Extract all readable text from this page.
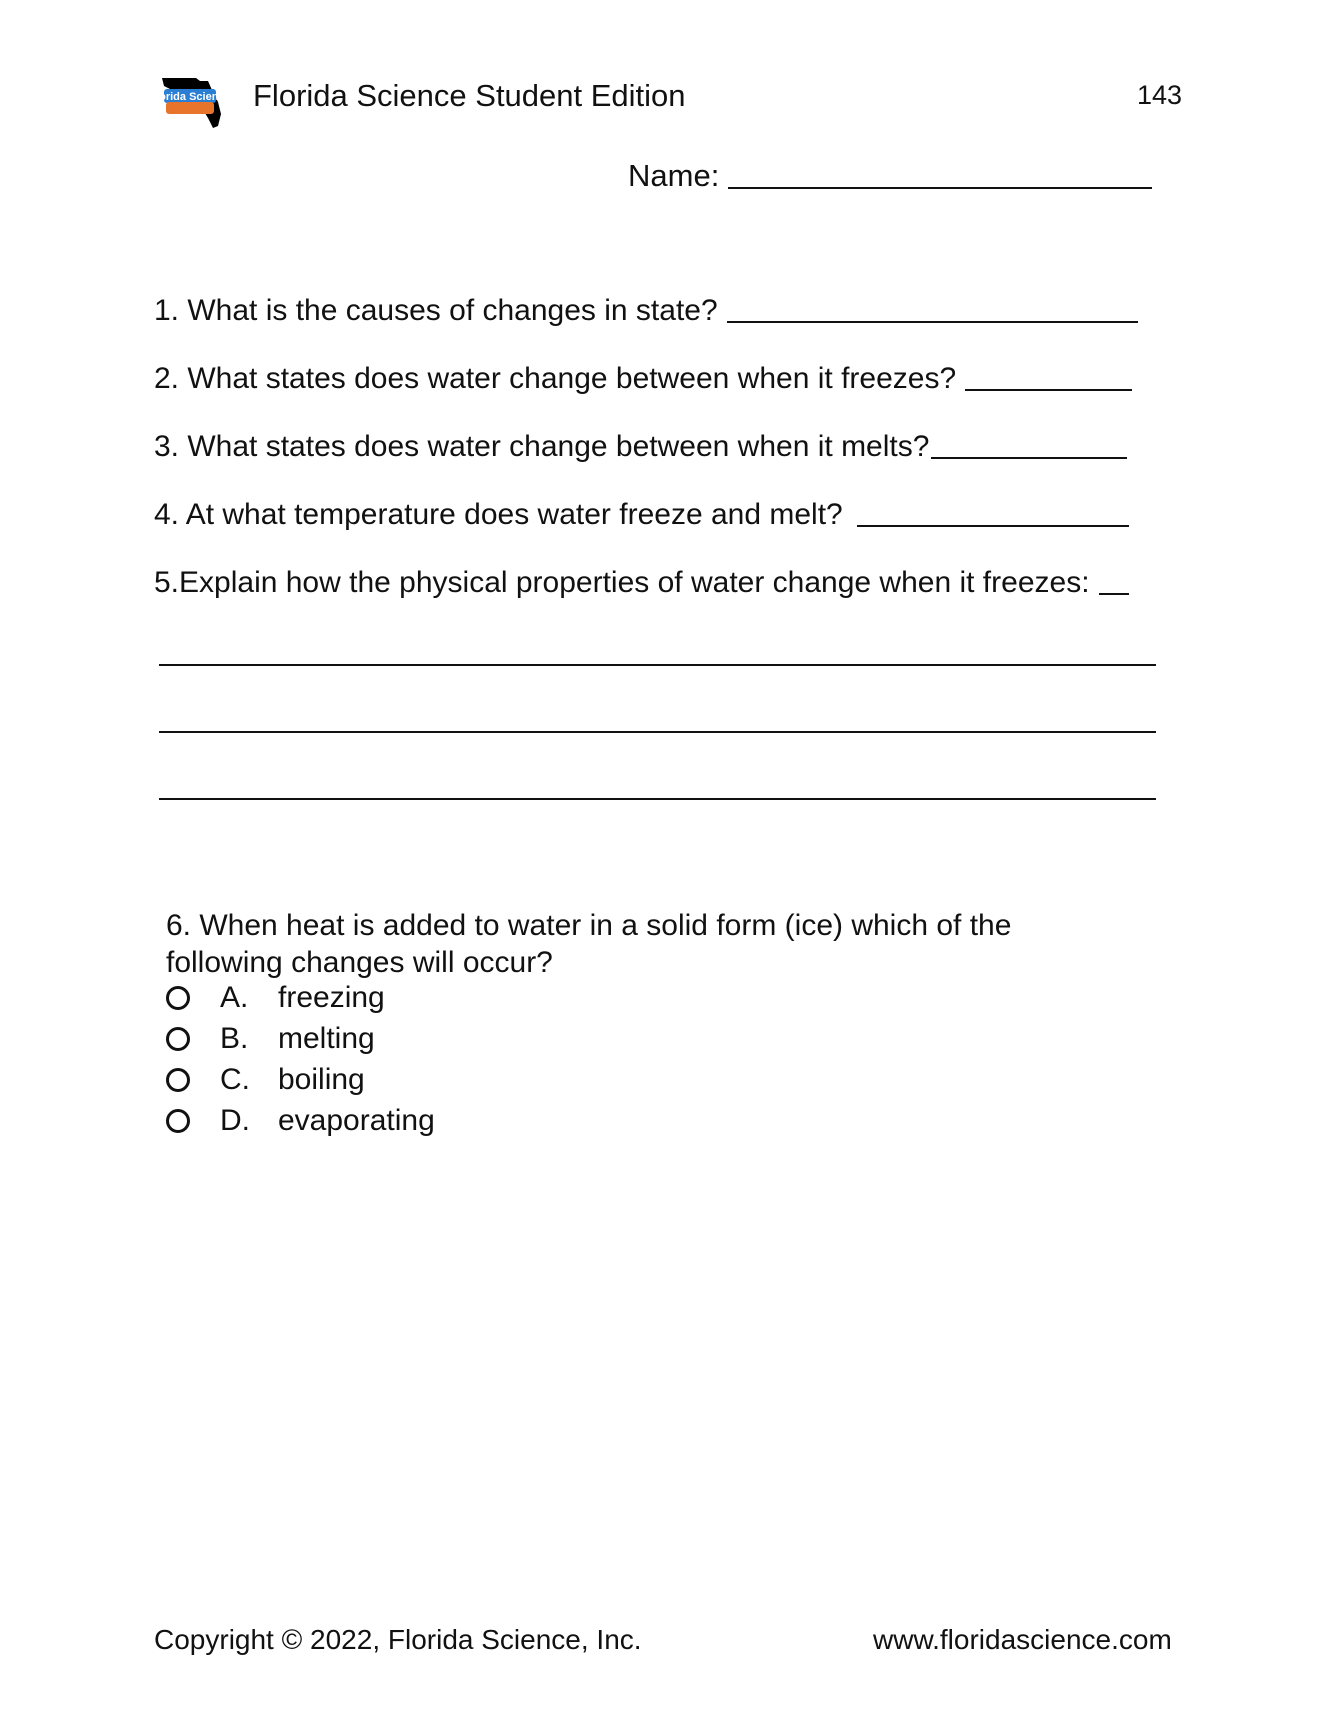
Florida Science Florida Science Student Edition	143
Name:
1. What is the causes of changes in state?
2. What states does water change between when it freezes?
3. What states does water change between when it melts?
4. At what temperature does water freeze and melt?
5.Explain how the physical properties of water change when it freezes:
6. When heat is added to water in a solid form (ice) which of the following changes will occur?
A. freezing
B. melting
C. boiling
D. evaporating
Copyright © 2022, Florida Science, Inc.	www.floridascience.com
